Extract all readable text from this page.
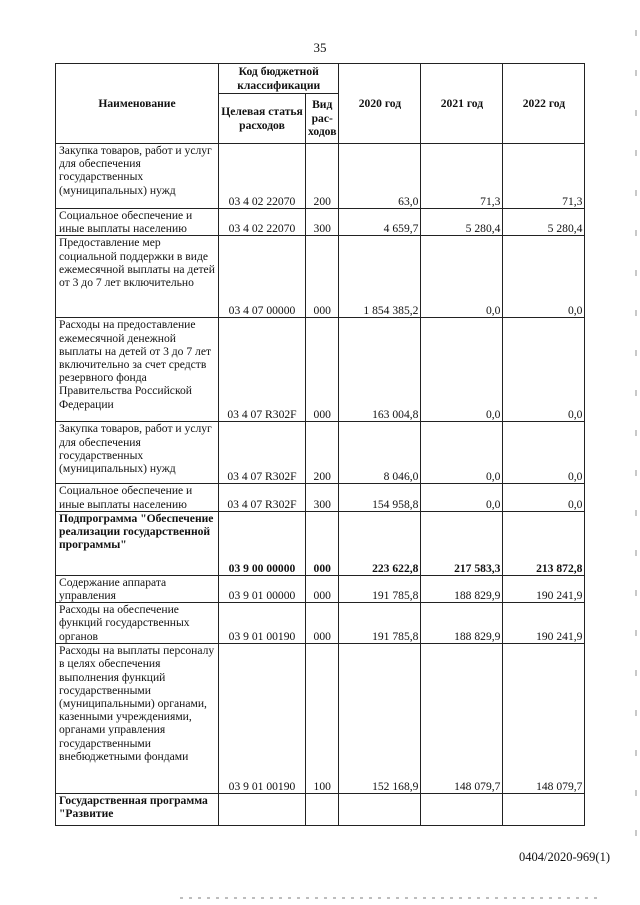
35
Наименование	Код бюджетной классификации		2020 год	2021 год	2022 год
	Целевая статья расходов	Вид рас-ходов			
Закупка товаров, работ и услуг для обеспечения государственных (муниципальных) нужд	03 4 02 22070	200	63,0	71,3	71,3
Социальное обеспечение и иные выплаты населению	03 4 02 22070	300	4 659,7	5 280,4	5 280,4
Предоставление мер социальной поддержки в виде ежемесячной выплаты на детей от 3 до 7 лет включительно	03 4 07 00000	000	1 854 385,2	0,0	0,0
Расходы на предоставление ежемесячной денежной выплаты на детей от 3 до 7 лет включительно за счет средств резервного фонда Правительства Российской Федерации	03 4 07 R302F	000	163 004,8	0,0	0,0
Закупка товаров, работ и услуг для обеспечения государственных (муниципальных) нужд	03 4 07 R302F	200	8 046,0	0,0	0,0
Социальное обеспечение и иные выплаты населению	03 4 07 R302F	300	154 958,8	0,0	0,0
Подпрограмма "Обеспечение реализации государственной программы"	03 9 00 00000	000	223 622,8	217 583,3	213 872,8
Содержание аппарата управления	03 9 01 00000	000	191 785,8	188 829,9	190 241,9
Расходы на обеспечение функций государственных органов	03 9 01 00190	000	191 785,8	188 829,9	190 241,9
Расходы на выплаты персоналу в целях обеспечения выполнения функций государственными (муниципальными) органами, казенными учреждениями, органами управления государственными внебюджетными фондами	03 9 01 00190	100	152 168,9	148 079,7	148 079,7
Государственная программа "Развитие					
0404/2020-969(1)
